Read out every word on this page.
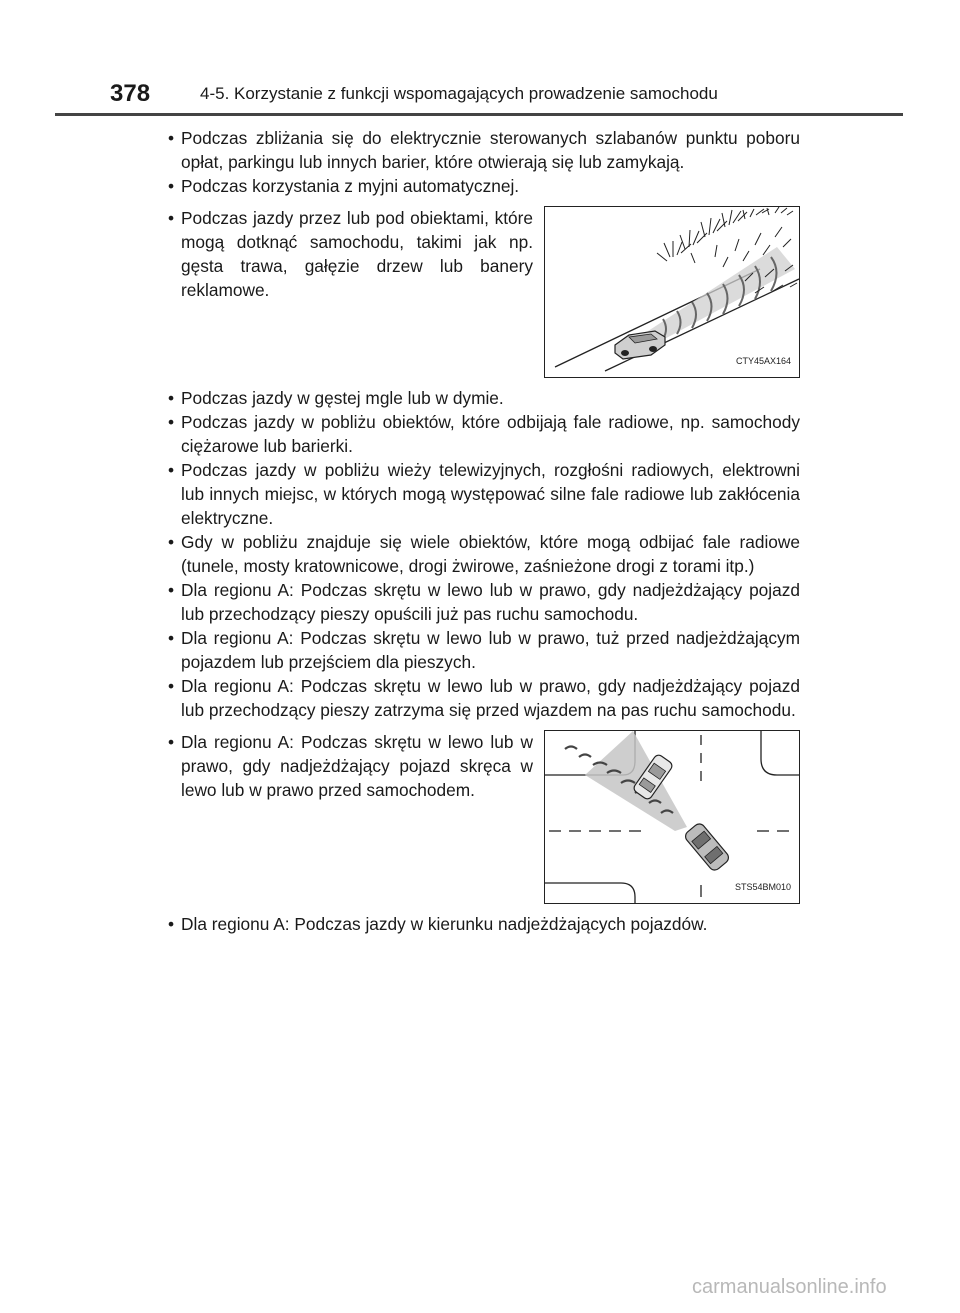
378	4-5. Korzystanie z funkcji wspomagających prowadzenie samochodu

• Podczas zbliżania się do elektrycznie sterowanych szlabanów punktu poboru opłat, parkingu lub innych barier, które otwierają się lub zamykają.

• Podczas korzystania z myjni automatycznej.

• Podczas jazdy przez lub pod obiektami, które mogą dotknąć samochodu, takimi jak np. gęsta trawa, gałęzie drzew lub banery reklamowe.

CTY45AX164

• Podczas jazdy w gęstej mgle lub w dymie.

• Podczas jazdy w pobliżu obiektów, które odbijają fale radiowe, np. samochody ciężarowe lub barierki.

• Podczas jazdy w pobliżu wieży telewizyjnych, rozgłośni radiowych, elektrowni lub innych miejsc, w których mogą występować silne fale radiowe lub zakłócenia elektryczne.

• Gdy w pobliżu znajduje się wiele obiektów, które mogą odbijać fale radiowe (tunele, mosty kratownicowe, drogi żwirowe, zaśnieżone drogi z torami itp.)

• Dla regionu A: Podczas skrętu w lewo lub w prawo, gdy nadjeżdżający pojazd lub przechodzący pieszy opuścili już pas ruchu samochodu.

• Dla regionu A: Podczas skrętu w lewo lub w prawo, tuż przed nadjeżdżającym pojazdem lub przejściem dla pieszych.

• Dla regionu A: Podczas skrętu w lewo lub w prawo, gdy nadjeżdżający pojazd lub przechodzący pieszy zatrzyma się przed wjazdem na pas ruchu samochodu.

• Dla regionu A: Podczas skrętu w lewo lub w prawo, gdy nadjeżdżający pojazd skręca w lewo lub w prawo przed samochodem.

STS54BM010

• Dla regionu A: Podczas jazdy w kierunku nadjeżdżających pojazdów.

carmanualsonline.info
